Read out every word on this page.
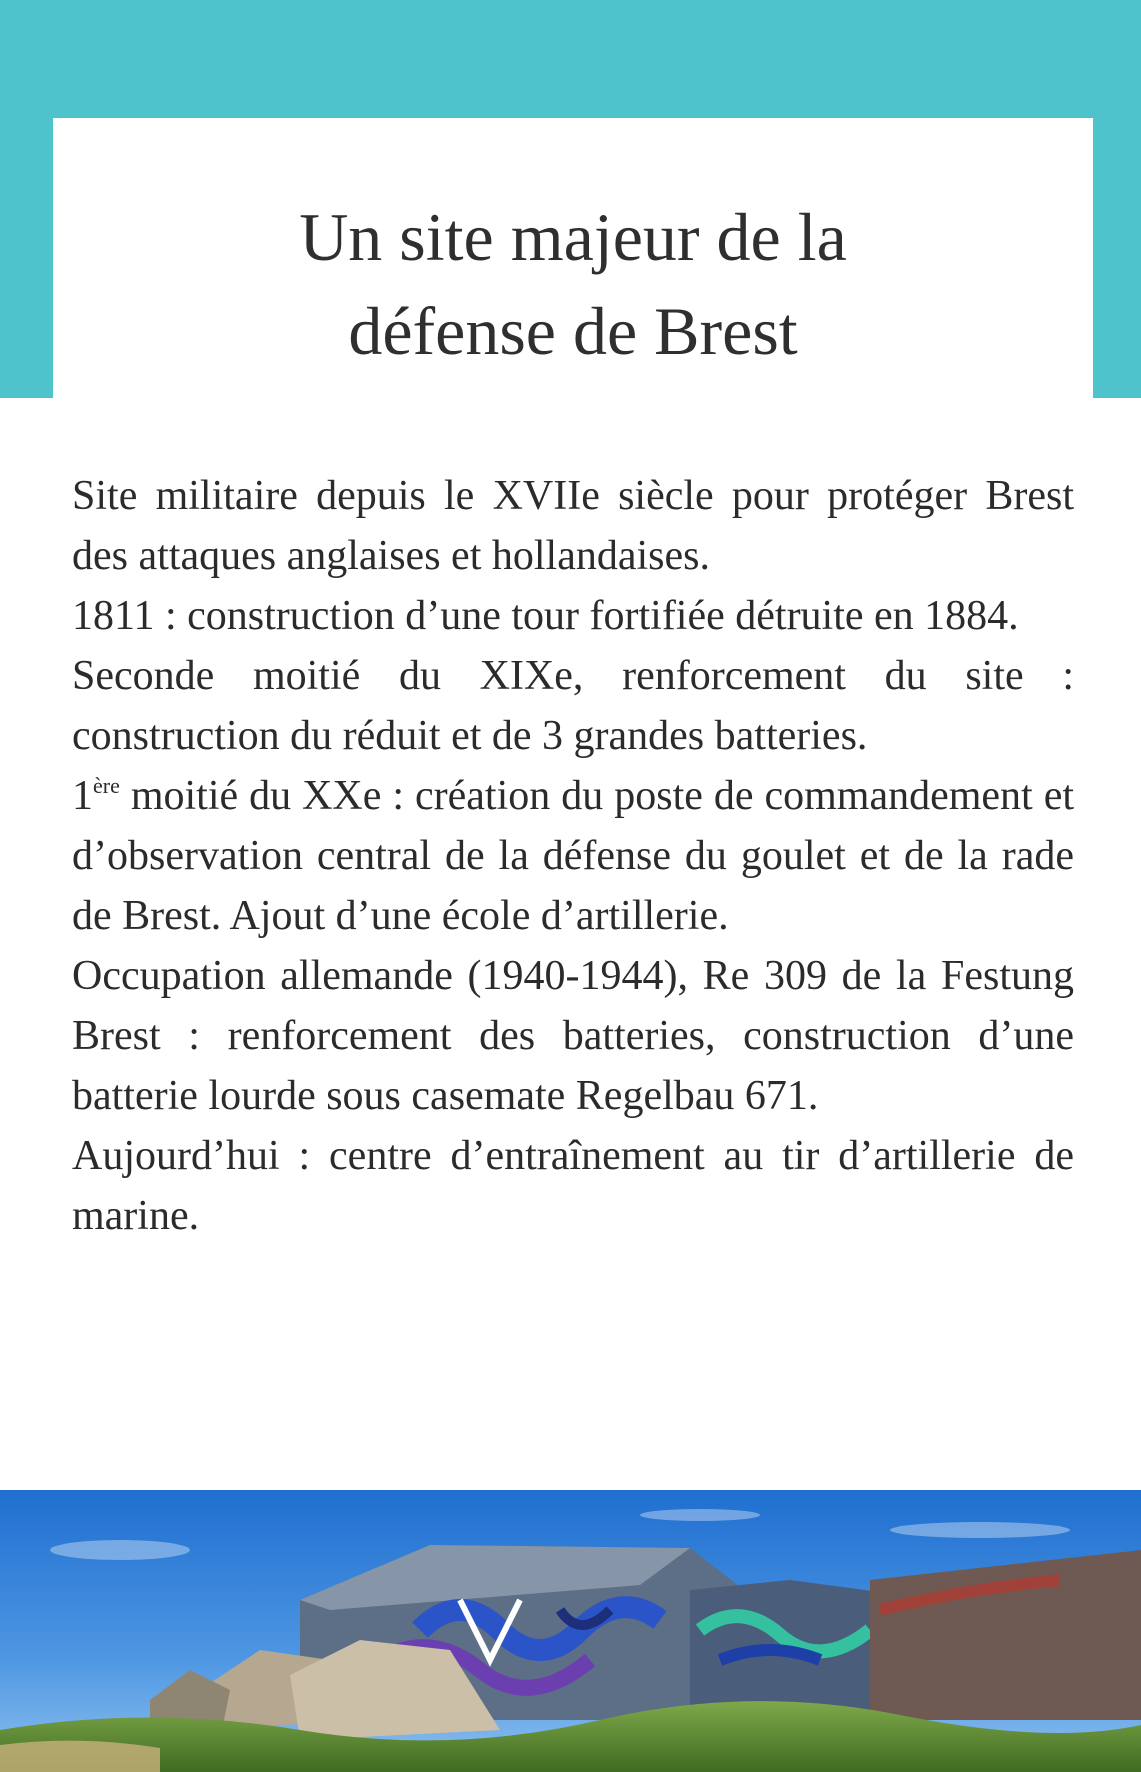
Un site majeur de la
défense de Brest

Site militaire depuis le XVIIe siècle pour protéger Brest des attaques anglaises et hollandaises.

1811 : construction d’une tour fortifiée détruite en 1884.

Seconde moitié du XIXe, renforcement du site : construction du réduit et de 3 grandes batteries.

1ère moitié du XXe : création du poste de commandement et d’observation central de la défense du goulet et de la rade de Brest. Ajout d’une école d’artillerie.

Occupation allemande (1940-1944), Re 309 de la Festung Brest : renforcement des batteries, construction d’une batterie lourde sous casemate Regelbau 671.

Aujourd’hui : centre d’entraînement au tir d’artillerie de marine.
